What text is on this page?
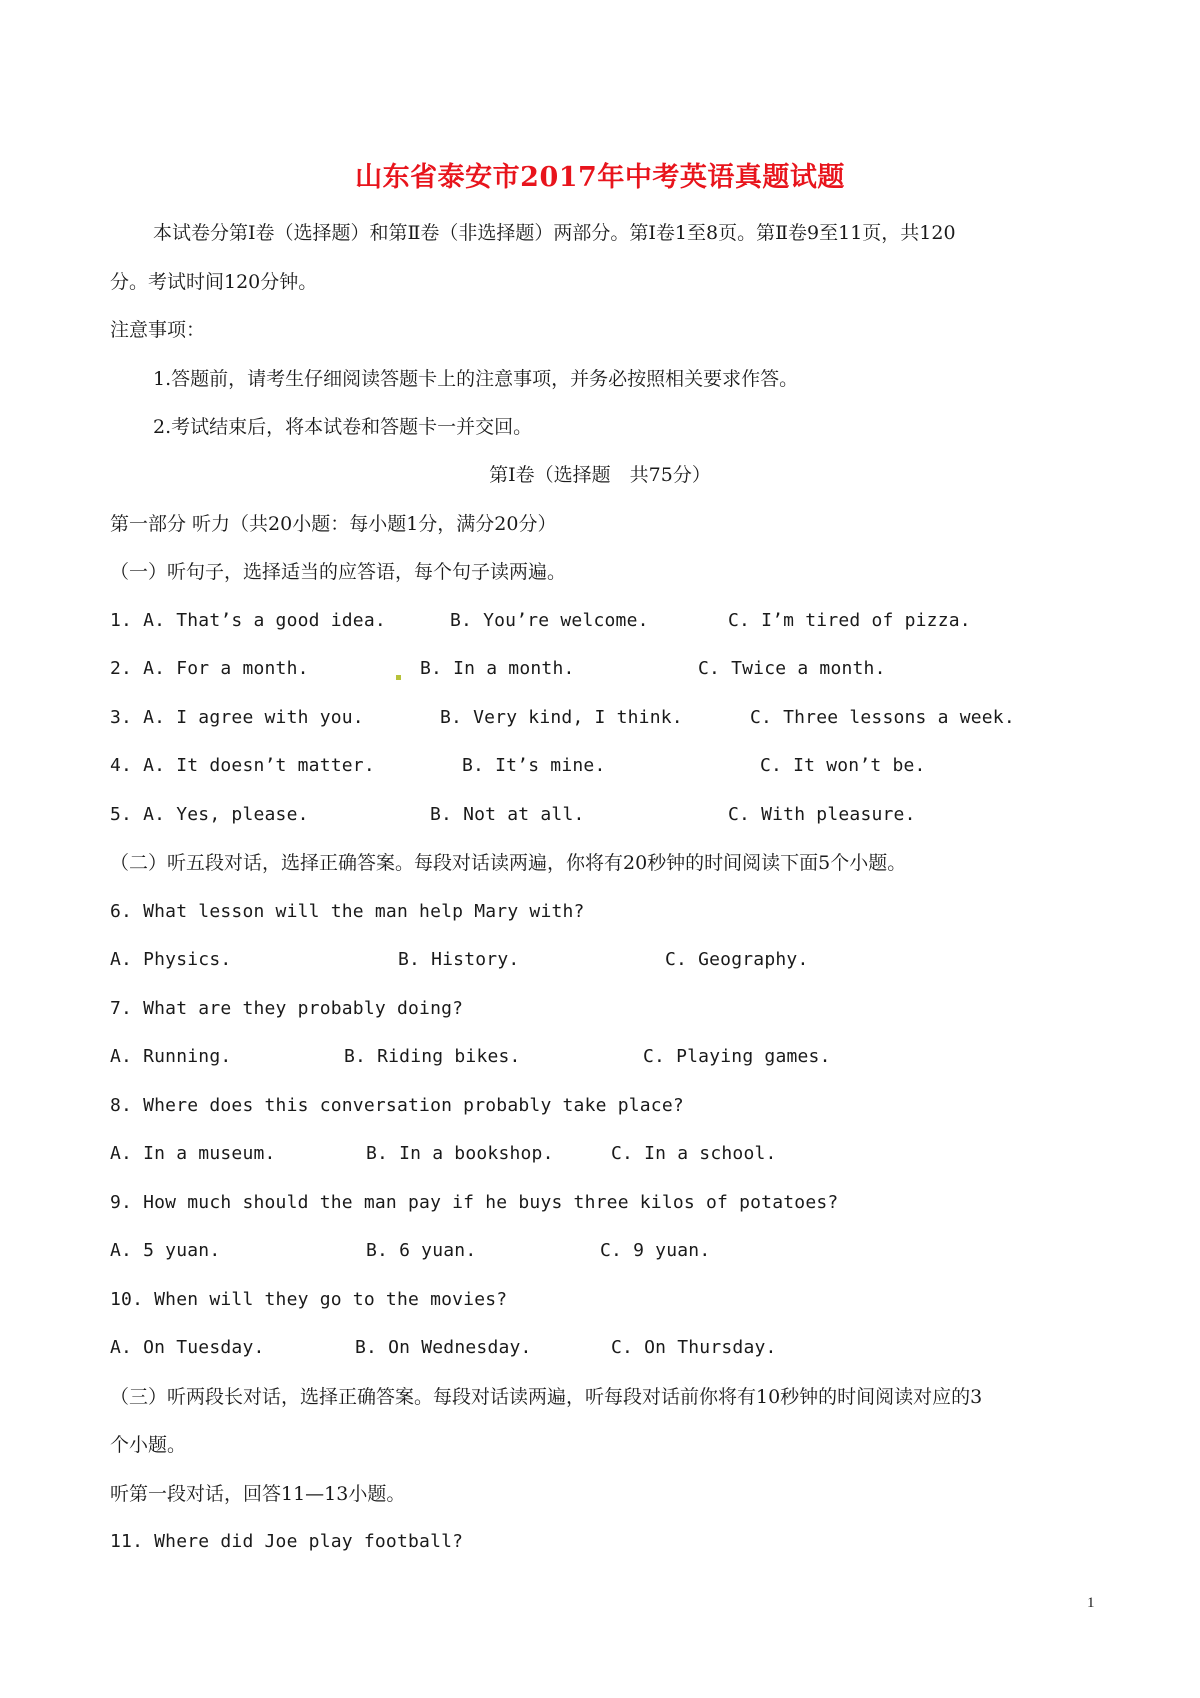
山东省泰安市2017年中考英语真题试题
本试卷分第Ⅰ卷（选择题）和第Ⅱ卷（非选择题）两部分。第Ⅰ卷1至8页。第Ⅱ卷9至11页，共120
分。考试时间120分钟。
注意事项：
1.答题前，请考生仔细阅读答题卡上的注意事项，并务必按照相关要求作答。
2.考试结束后，将本试卷和答题卡一并交回。
第Ⅰ卷（选择题　共75分）
第一部分 听力（共20小题：每小题1分，满分20分）
（一）听句子，选择适当的应答语，每个句子读两遍。
1. A. That’s a good idea.	B. You’re welcome.	C. I’m tired of pizza.
2. A. For a month.	B. In a month.	C. Twice a month.
3. A. I agree with you.	B. Very kind, I think.	C. Three lessons a week.
4. A. It doesn’t matter.	B. It’s mine.	C. It won’t be.
5. A. Yes, please.	B. Not at all.	C. With pleasure.
（二）听五段对话，选择正确答案。每段对话读两遍，你将有20秒钟的时间阅读下面5个小题。
6. What lesson will the man help Mary with?
A. Physics.	B. History.	C. Geography.
7. What are they probably doing?
A. Running.	B. Riding bikes.	C. Playing games.
8. Where does this conversation probably take place?
A. In a museum.	B. In a bookshop.	C. In a school.
9. How much should the man pay if he buys three kilos of potatoes?
A. 5 yuan.	B. 6 yuan.	C. 9 yuan.
10. When will they go to the movies?
A. On Tuesday.	B. On Wednesday.	C. On Thursday.
（三）听两段长对话，选择正确答案。每段对话读两遍，听每段对话前你将有10秒钟的时间阅读对应的3
个小题。
听第一段对话，回答11—13小题。
11. Where did Joe play football?
1
